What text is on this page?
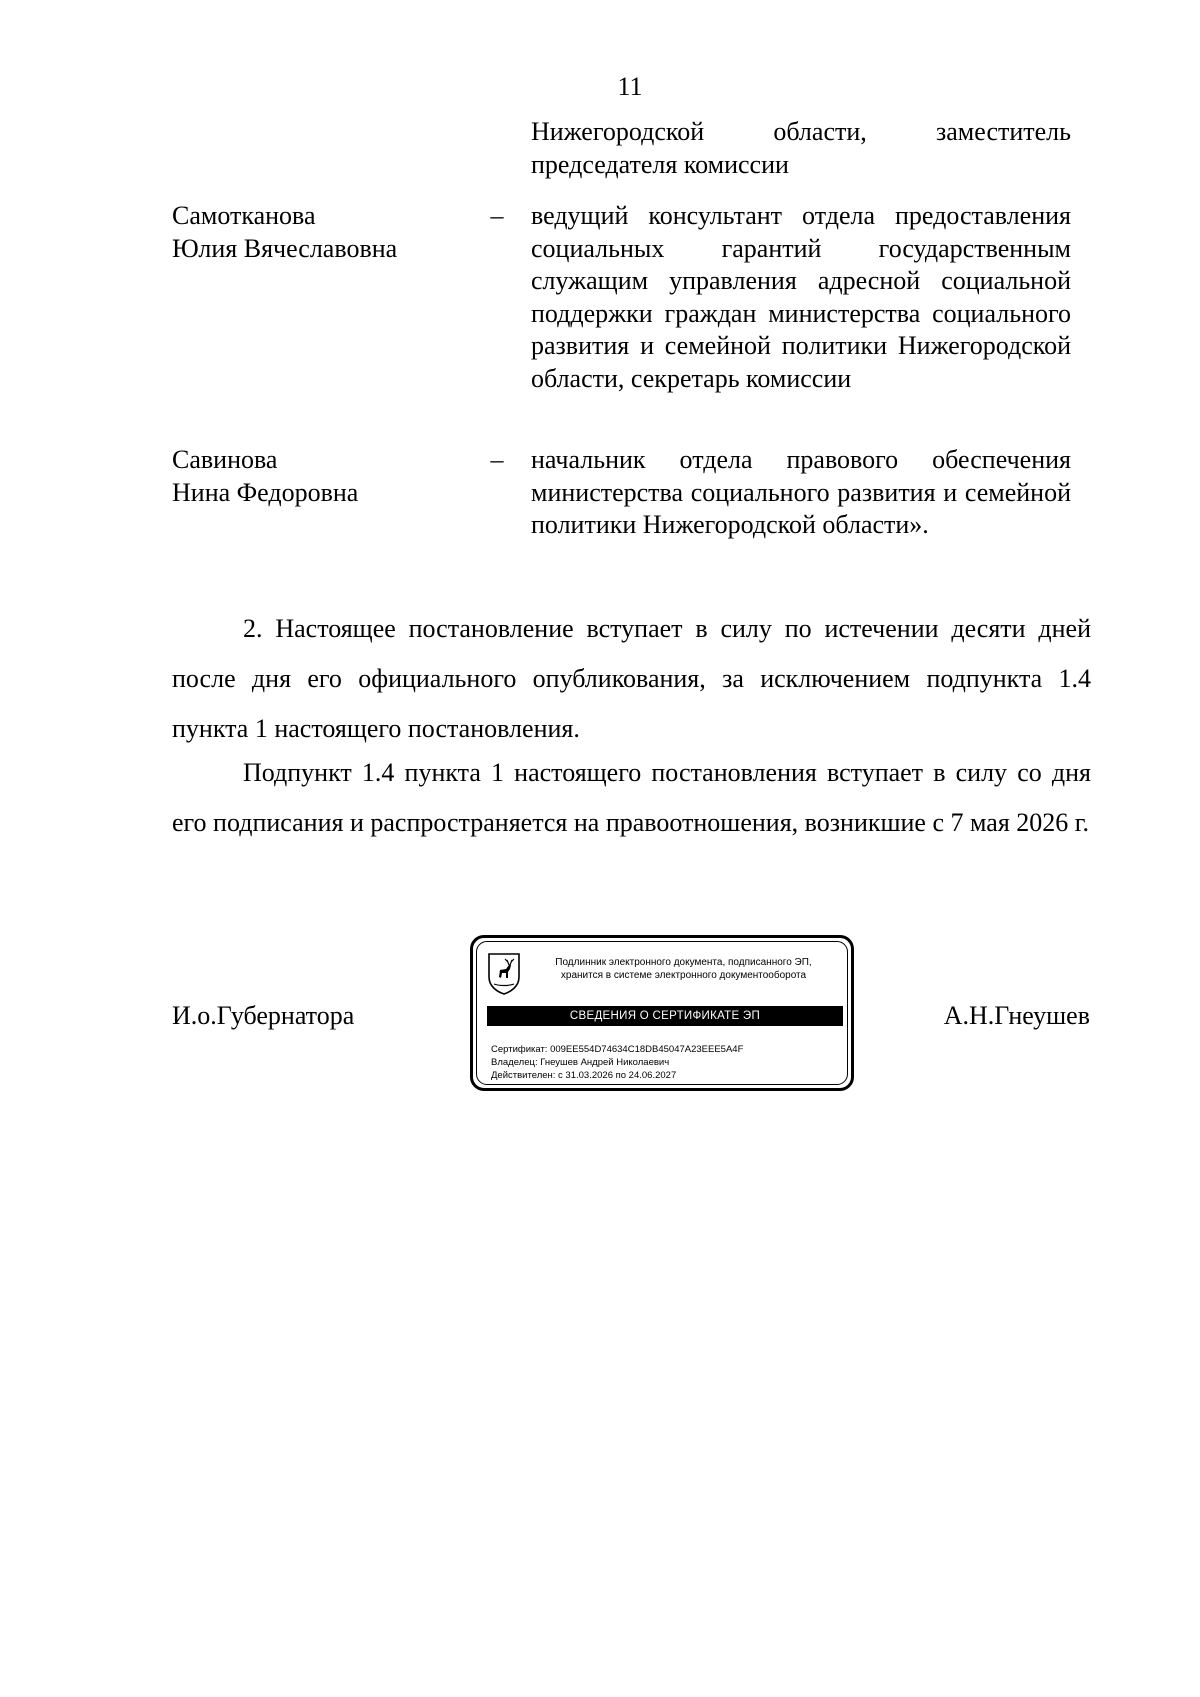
11
Нижегородской области, заместитель председателя комиссии
Самотканова
Юлия Вячеславовна
–	ведущий консультант отдела предоставления социальных гарантий государственным служащим управления адресной социальной поддержки граждан министерства социального развития и семейной политики Нижегородской области, секретарь комиссии
Савинова
Нина Федоровна
–	начальник отдела правового обеспечения министерства социального развития и семейной политики Нижегородской области».
2. Настоящее постановление вступает в силу по истечении десяти дней после дня его официального опубликования, за исключением подпункта 1.4 пункта 1 настоящего постановления.
Подпункт 1.4 пункта 1 настоящего постановления вступает в силу со дня его подписания и распространяется на правоотношения, возникшие с 7 мая 2026 г.
И.о.Губернатора
Подлинник электронного документа, подписанного ЭП,
хранится в системе электронного документооборота
СВЕДЕНИЯ О СЕРТИФИКАТЕ ЭП
Сертификат: 009EE554D74634C18DB45047A23EEE5A4F
Владелец: Гнеушев Андрей Николаевич
Действителен: с 31.03.2026 по 24.06.2027
А.Н.Гнеушев
